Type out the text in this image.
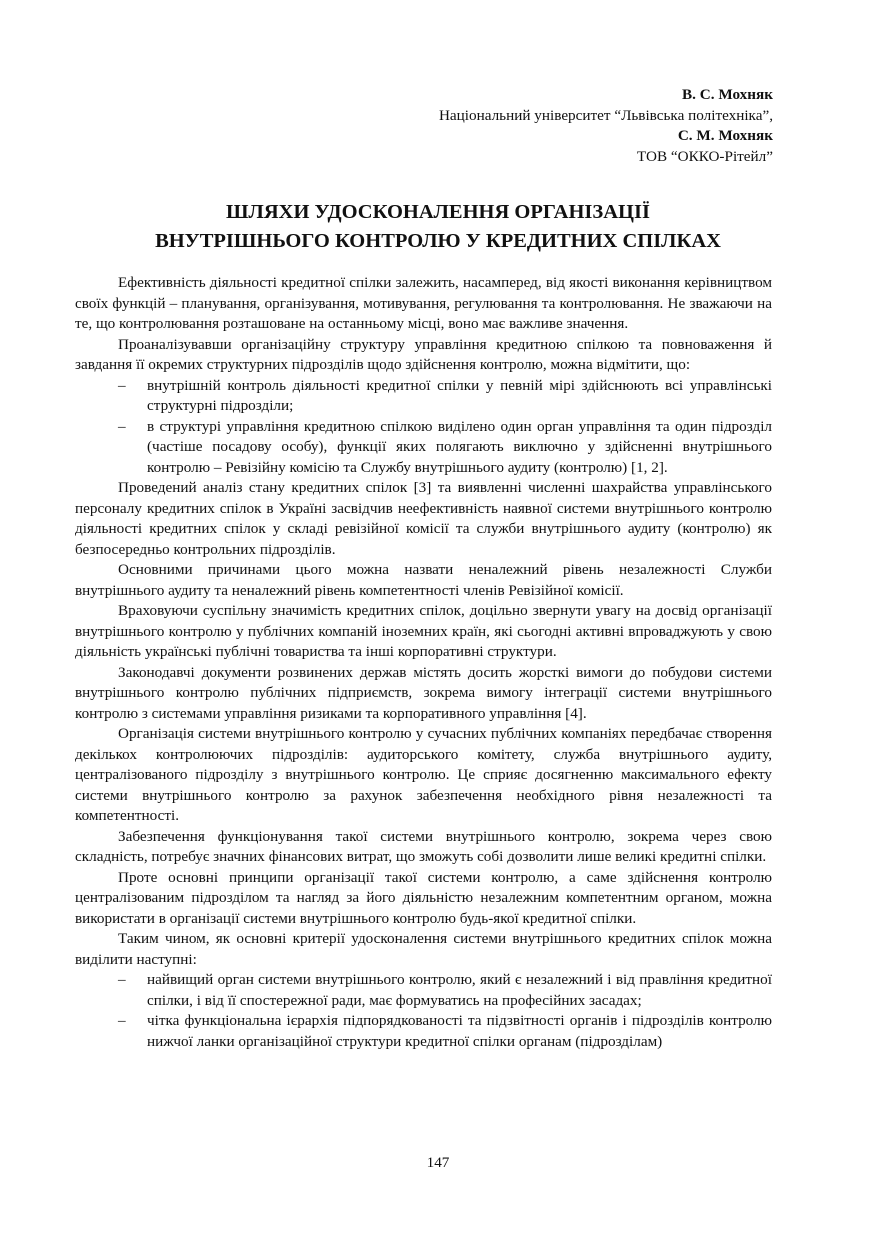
В. С. Мохняк
Національний університет “Львівська політехніка”,
С. М. Мохняк
ТОВ “ОККО-Рітейл”
ШЛЯХИ УДОСКОНАЛЕННЯ ОРГАНІЗАЦІЇ
ВНУТРІШНЬОГО КОНТРОЛЮ У КРЕДИТНИХ СПІЛКАХ

Ефективність діяльності кредитної спілки залежить, насамперед, від якості виконання керівництвом своїх функцій – планування, організування, мотивування, регулювання та контролювання. Не зважаючи на те, що контролювання розташоване на останньому місці, воно має важливе значення.

Проаналізувавши організаційну структуру управління кредитною спілкою та повноваження й завдання її окремих структурних підрозділів щодо здійснення контролю, можна відмітити, що:

– внутрішній контроль діяльності кредитної спілки у певній мірі здійснюють всі управлінські структурні підрозділи;

– в структурі управління кредитною спілкою виділено один орган управління та один підрозділ (частіше посадову особу), функції яких полягають виключно у здійсненні внутрішнього контролю – Ревізійну комісію та Службу внутрішнього аудиту (контролю) [1, 2].

Проведений аналіз стану кредитних спілок [3] та виявленні численні шахрайства управлінського персоналу кредитних спілок в Україні засвідчив неефективність наявної системи внутрішнього контролю діяльності кредитних спілок у складі ревізійної комісії та служби внутрішнього аудиту (контролю) як безпосередньо контрольних підрозділів.

Основними причинами цього можна назвати неналежний рівень незалежності Служби внутрішнього аудиту та неналежний рівень компетентності членів Ревізійної комісії.

Враховуючи суспільну значимість кредитних спілок, доцільно звернути увагу на досвід організації внутрішнього контролю у публічних компаній іноземних країн, які сьогодні активні впроваджують у свою діяльність українські публічні товариства та інші корпоративні структури.

Законодавчі документи розвинених держав містять досить жорсткі вимоги до побудови системи внутрішнього контролю публічних підприємств, зокрема вимогу інтеграції системи внутрішнього контролю з системами управління ризиками та корпоративного управління [4].

Організація системи внутрішнього контролю у сучасних публічних компаніях передбачає створення декількох контролюючих підрозділів: аудиторського комітету, служба внутрішнього аудиту, централізованого підрозділу з внутрішнього контролю. Це сприяє досягненню максимального ефекту системи внутрішнього контролю за рахунок забезпечення необхідного рівня незалежності та компетентності.

Забезпечення функціонування такої системи внутрішнього контролю, зокрема через свою складність, потребує значних фінансових витрат, що зможуть собі дозволити лише великі кредитні спілки.

Проте основні принципи організації такої системи контролю, а саме здійснення контролю централізованим підрозділом та нагляд за його діяльністю незалежним компетентним органом, можна використати в організації системи внутрішнього контролю будь-якої кредитної спілки.

Таким чином, як основні критерії удосконалення системи внутрішнього кредитних спілок можна виділити наступні:

– найвищий орган системи внутрішнього контролю, який є незалежний і від правління кредитної спілки, і від її спостережної ради, має формуватись на професійних засадах;

– чітка функціональна ієрархія підпорядкованості та підзвітності органів і підрозділів контролю нижчої ланки організаційної структури кредитної спілки органам (підрозділам)

147
